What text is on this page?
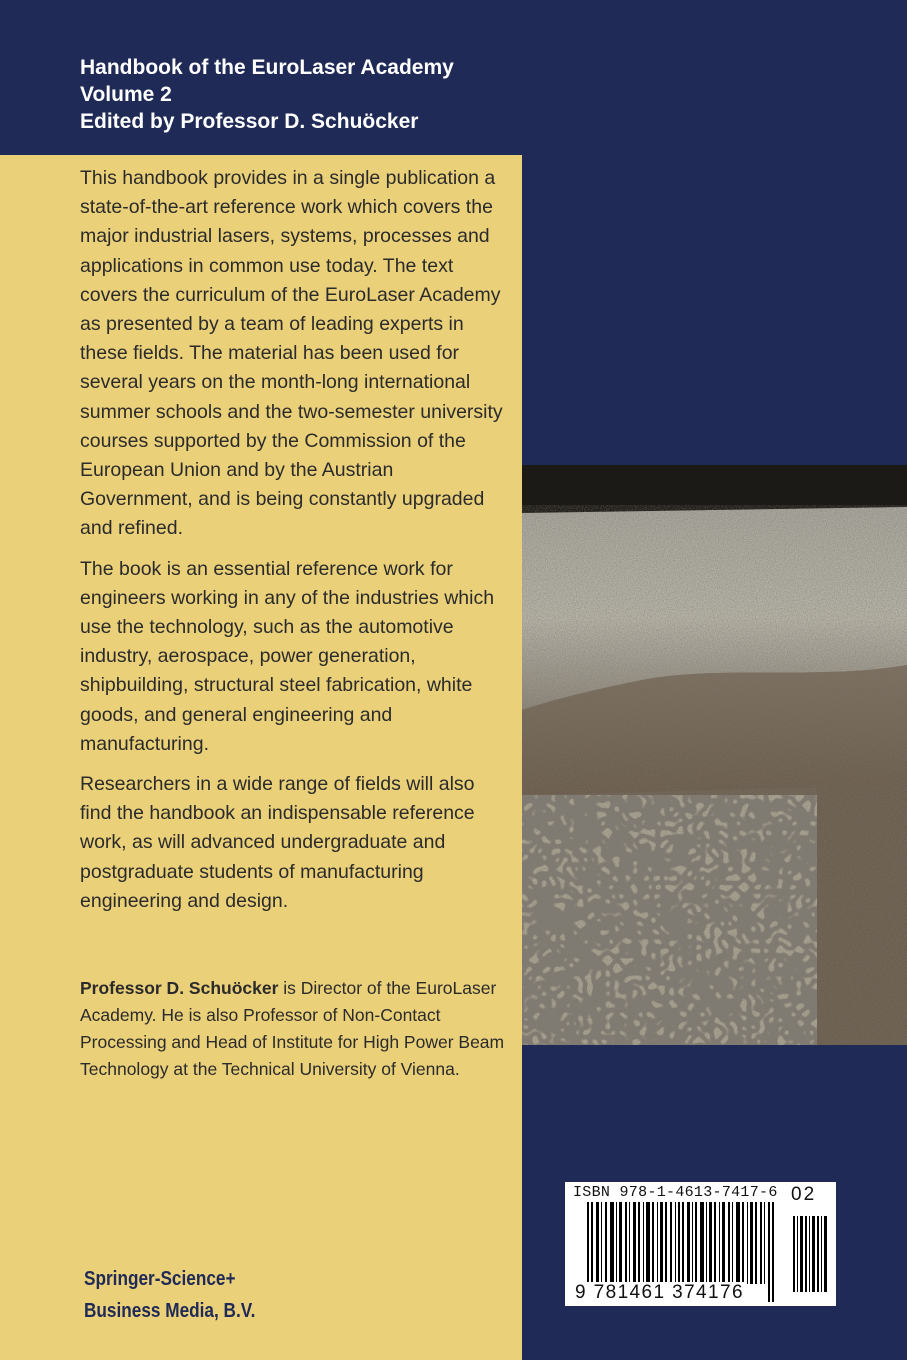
Handbook of the EuroLaser Academy
Volume 2
Edited by Professor D. Schuöcker

This handbook provides in a single publication a state-of-the-art reference work which covers the major industrial lasers, systems, processes and applications in common use today. The text covers the curriculum of the EuroLaser Academy as presented by a team of leading experts in these fields. The material has been used for several years on the month-long international summer schools and the two-semester university courses supported by the Commission of the European Union and by the Austrian Government, and is being constantly upgraded and refined.

The book is an essential reference work for engineers working in any of the industries which use the technology, such as the automotive industry, aerospace, power generation, shipbuilding, structural steel fabrication, white goods, and general engineering and manufacturing.

Researchers in a wide range of fields will also find the handbook an indispensable reference work, as will advanced undergraduate and postgraduate students of manufacturing engineering and design.

Professor D. Schuöcker is Director of the EuroLaser Academy. He is also Professor of Non-Contact Processing and Head of Institute for High Power Beam Technology at the Technical University of Vienna.
Springer-Science+
Business Media, B.V.
ISBN 978-1-4613-7417-6 02
9 781461 374176
